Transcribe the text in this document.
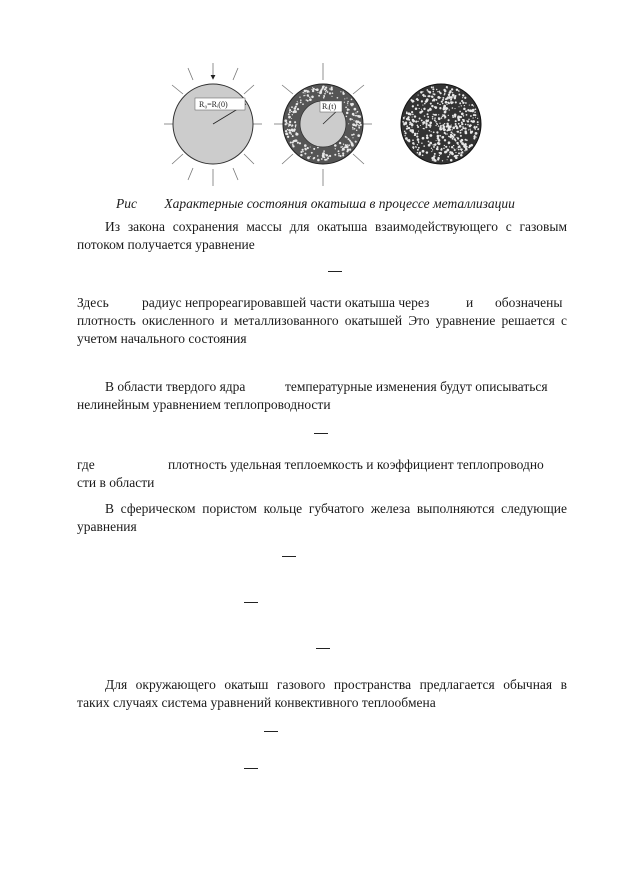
R₀=Rᵢ(0)	Rᵢ(t)
Рис Характерные состояния окатыша в процессе металлизации
Из закона сохранения массы для окатыша взаимодействующего с газовым потоком получается уравнение
Здесь радиус непрореагировавшей части окатыша через	и обозначены
плотность окисленного и металлизованного окатышей Это уравнение решается с учетом начального состояния
В области твердого ядра	температурные изменения будут описываться
нелинейным уравнением теплопроводности
где	плотность удельная теплоемкость и коэффициент теплопроводно
сти в области
В сферическом пористом кольце губчатого железа выполняются следующие уравнения
Для окружающего окатыш газового пространства предлагается обычная в таких случаях система уравнений конвективного теплообмена
